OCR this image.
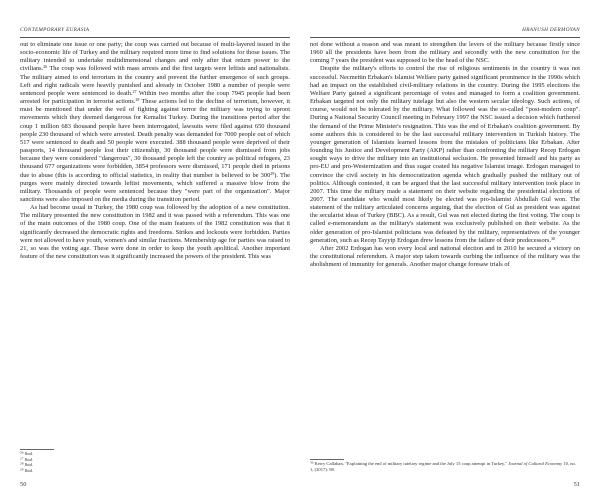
CONTEMPORARY EURASIA

out to eliminate one issue or one party; the coup was carried out because of multi-layered issued in the socio-economic life of Turkey and the military required more time to find solutions for those issues. The military intended to undertake multidimensional changes and only after that return power to the civilians.$^{26}$ The coup was followed with mass arrests and the first targets were leftists and nationalists. The military aimed to end terrorism in the country and prevent the further emergence of such groups. Left and right radicals were heavily punished and already in October 1980 a number of people were sentenced people were sentenced to death.$^{27}$ Within two months after the coup 7945 people had been arrested for participation in terrorist actions.$^{28}$ These actions led to the decline of terrorism, however, it must be mentioned that under the veil of fighting against terror the military was trying to uproot movements which they deemed dangerous for Kemalist Turkey. During the transitions period after the coup 1 million 683 thousand people have been interrogated, lawsuits were filed against 650 thousand people 230 thousand of which were arrested. Death penalty was demanded for 7000 people out of which 517 were sentenced to death and 50 people were executed. 388 thousand people were deprived of their passports, 14 thousand people lost their citizenship, 30 thousand people were dismissed from jobs because they were considered "dangerous", 30 thousand people left the country as political refugees, 23 thousand 677 organizations were forbidden, 3854 professors were dismissed, 171 people died in prisons due to abuse (this is according to official statistics, in reality that number is believed to be $300^{29}$). The purges were mainly directed towards leftist movements, which suffered a massive blow from the military. Thousands of people were sentenced because they "were part of the organization". Major sanctions were also imposed on the media during the transition period.

As had become usual in Turkey, the 1980 coup was followed by the adoption of a new constitution. The military presented the new constitution in 1982 and it was passed with a referendum. This was one of the main outcomes of the 1980 coup. One of the main features of the 1982 constitution was that it significantly decreased the democratic rights and freedoms. Strikes and lockouts were forbidden. Parties were not allowed to have youth, women's and similar fractions. Membership age for parties was raised to 21, so was the voting age. These were done in order to keep the youth apolitical. Another important feature of the new constitution was it significantly increased the powers of the president. This was

$^{26}$ Ibid.
$^{27}$ Ibid.
$^{28}$ Ibid.
$^{29}$ Ibid.
50
HRANUSH DERMOYAN

not done without a reason and was meant to strengthen the levers of the military because firstly since 1960 all the presidents have been from the military and secondly with the new constitution for the coming 7 years the president was supposed to be the head of the NSC.

Despite the military's efforts to control the rise of religious sentiments in the country it was not successful. Necmettin Erbakan's Islamist Welfare party gained significant prominence in the 1990s which had an impact on the established civil-military relations in the country. During the 1995 elections the Welfare Party gained a significant percentage of votes and managed to form a coalition government. Erbakan targeted not only the military tutelage but also the western secular ideology. Such actions, of course, would not be tolerated by the military. What followed was the so-called "post-modern coup". During a National Security Council meeting in February 1997 the NSC issued a decision which furthered the demand of the Prime Minister's resignation. This was the end of Erbakan's coalition government. By some authors this is considered to be the last successful military intervention in Turkish history. The younger generation of Islamists learned lessons from the mistakes of politicians like Erbakan. After founding his Justice and Development Party (AKP) rather than confronting the military Recep Erdogan sought ways to drive the military into an institutional seclusion. He presented himself and his party as pro-EU and pro-Westernization and thus sugar coated his negative Islamist image. Erdogan managed to convince the civil society in his democratization agenda which gradually pushed the military out of politics. Although contested, it can be argued that the last successful military intervention took place in 2007. This time the military made a statement on their website regarding the presidential elections of 2007. The candidate who would most likely be elected was pro-Islamist Abdullah Gul won. The statement of the military articulated concerns arguing, that the election of Gul as president was against the secularist ideas of Turkey (BBC). As a result, Gul was not elected during the first voting. The coup is called e-memorandum as the military's statement was exclusively published on their website. As the older generation of pro-Islamist politicians was defeated by the military, representatives of the younger generation, such as Recep Tayyip Erdogan drew lessons from the failure of their predecessors.$^{30}$

After 2002 Erdogan has won every local and national election and in 2010 he secured a victory on the constitutional referendum. A major step taken towards curbing the influence of the military was the abolishment of immunity for generals. Another major change foresaw trials of

$^{30}$ Kerry Callahan, "Explaining the end of military tutelary regime and the July 15 coup attempt in Turkey," Journal of Cultural Economy 10, no. 1, (2017): 98.
51
